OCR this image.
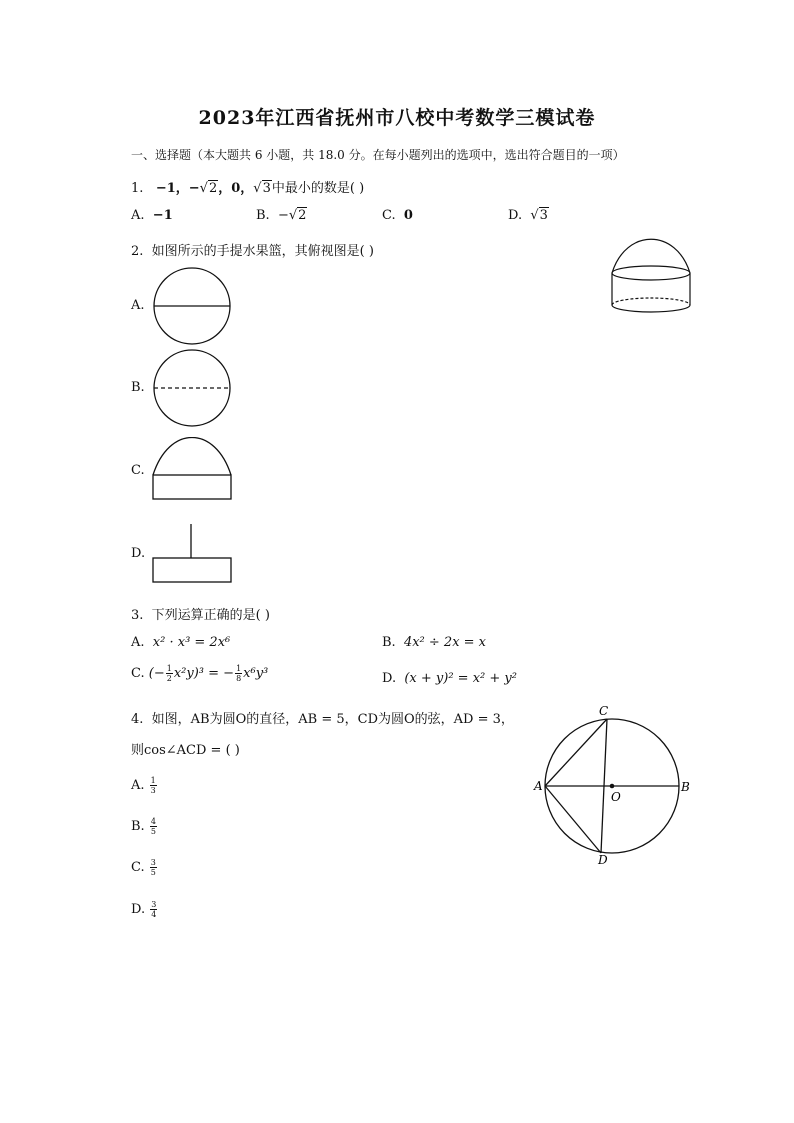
2023年江西省抚州市八校中考数学三模试卷
一、选择题（本大题共 6 小题，共 18.0 分。在每小题列出的选项中，选出符合题目的一项）
1. −1，−√2，0，√3中最小的数是( )
A. −1	B. −√2	C. 0	D. √3
2. 如图所示的手提水果篮，其俯视图是( )
A.
B.
C.
D.
3. 下列运算正确的是( )
A. x² · x³ = 2x⁶	B. 4x² ÷ 2x = x
C. (− $\frac{1}{2} x^2y)^3$ = − $\frac{1}{8} x^6y^3$	D. (x + y)² = x² + y²
4. 如图，AB为圆O的直径，AB = 5，CD为圆O的弦，AD = 3，
则cos∠ACD = ( )
A. $\frac{1}{3}$
B. $\frac{4}{5}$
C. $\frac{3}{5}$
D. $\frac{3}{4}$
A	B
C
D
O
